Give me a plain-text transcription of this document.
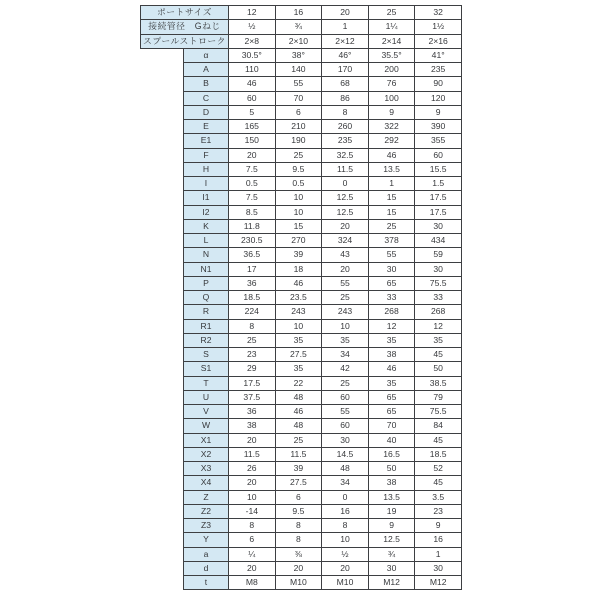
ポートサイズ		12	16	20	25	32
接続管径　Gねじ		½	¾	1	1¼	1½
スプールストローク		2×8	2×10	2×12	2×14	2×16
	α	30.5°	38°	46°	35.5°	41°
	A	110	140	170	200	235
	B	46	55	68	76	90
	C	60	70	86	100	120
	D	5	6	8	9	9
	E	165	210	260	322	390
	E1	150	190	235	292	355
	F	20	25	32.5	46	60
	H	7.5	9.5	11.5	13.5	15.5
	I	0.5	0.5	0	1	1.5
	I1	7.5	10	12.5	15	17.5
	I2	8.5	10	12.5	15	17.5
	K	11.8	15	20	25	30
	L	230.5	270	324	378	434
	N	36.5	39	43	55	59
	N1	17	18	20	30	30
	P	36	46	55	65	75.5
	Q	18.5	23.5	25	33	33
	R	224	243	243	268	268
	R1	8	10	10	12	12
	R2	25	35	35	35	35
	S	23	27.5	34	38	45
	S1	29	35	42	46	50
	T	17.5	22	25	35	38.5
	U	37.5	48	60	65	79
	V	36	46	55	65	75.5
	W	38	48	60	70	84
	X1	20	25	30	40	45
	X2	11.5	11.5	14.5	16.5	18.5
	X3	26	39	48	50	52
	X4	20	27.5	34	38	45
	Z	10	6	0	13.5	3.5
	Z2	-14	9.5	16	19	23
	Z3	8	8	8	9	9
	Y	6	8	10	12.5	16
	a	¼	⅜	½	¾	1
	d	20	20	20	30	30
	t	M8	M10	M10	M12	M12
